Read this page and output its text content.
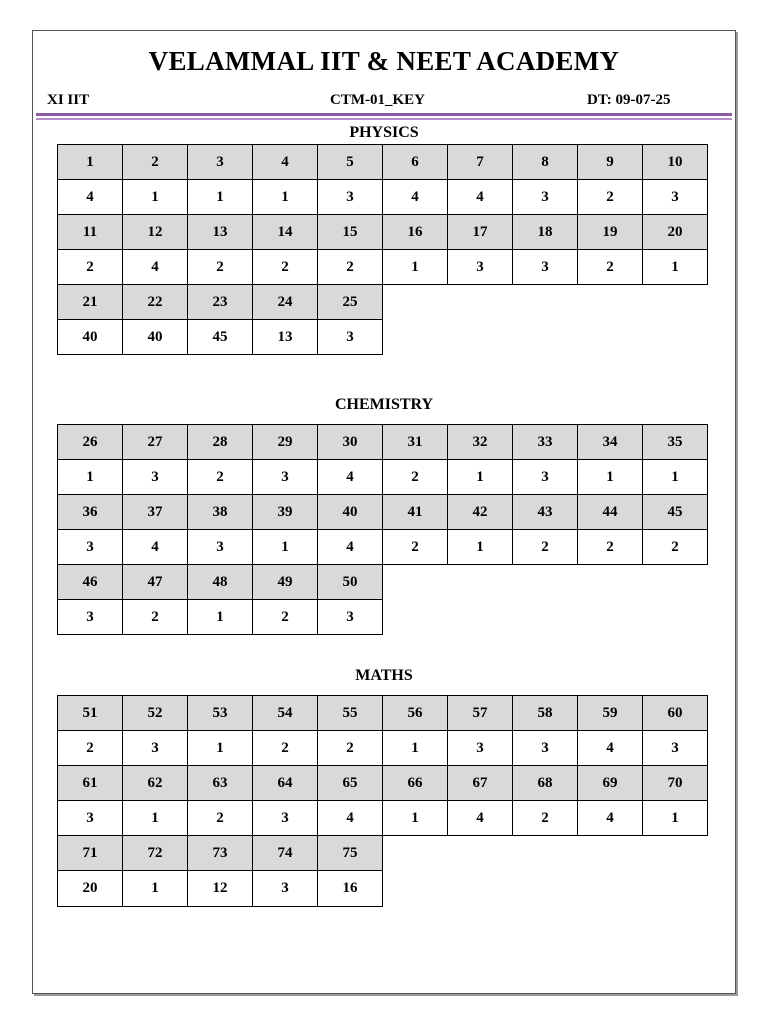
VELAMMAL IIT & NEET ACADEMY
XI IIT	CTM-01_KEY	DT: 09-07-25
PHYSICS
1	2	3	4	5	6	7	8	9	10
4	1	1	1	3	4	4	3	2	3
11	12	13	14	15	16	17	18	19	20
2	4	2	2	2	1	3	3	2	1
21	22	23	24	25					
40	40	45	13	3					
CHEMISTRY
26	27	28	29	30	31	32	33	34	35
1	3	2	3	4	2	1	3	1	1
36	37	38	39	40	41	42	43	44	45
3	4	3	1	4	2	1	2	2	2
46	47	48	49	50					
3	2	1	2	3					
MATHS
51	52	53	54	55	56	57	58	59	60
2	3	1	2	2	1	3	3	4	3
61	62	63	64	65	66	67	68	69	70
3	1	2	3	4	1	4	2	4	1
71	72	73	74	75					
20	1	12	3	16					
